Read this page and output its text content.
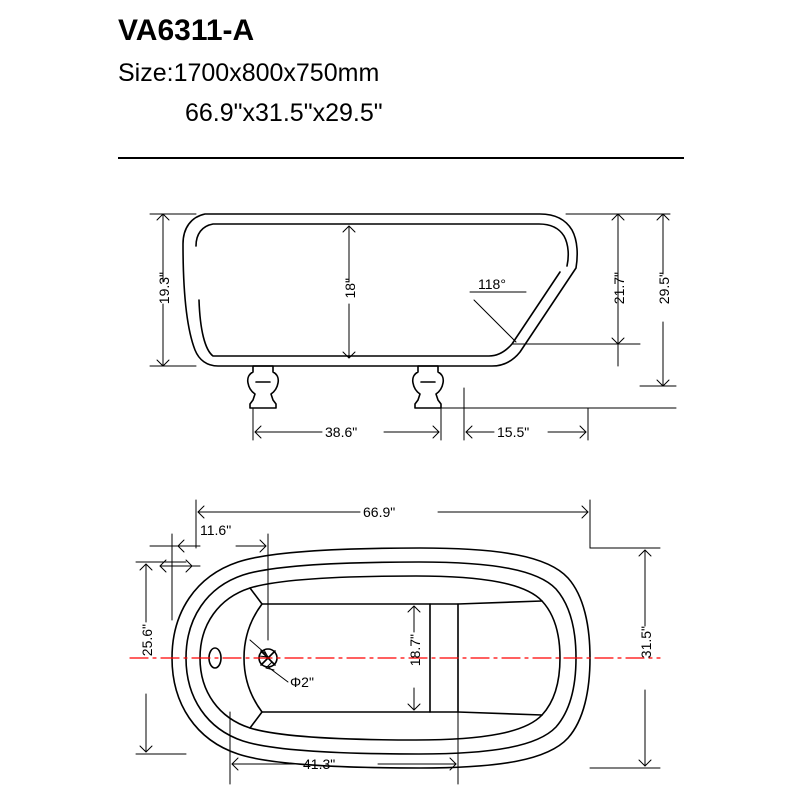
VA6311-A
Size:1700x800x750mm
66.9"x31.5"x29.5"
19.3"	18"	21.7" 29.5"
118°
38.6"	15.5"
66.9"
11.6"
25.6"	31.5"
18.7"
41.3"
Φ2"
